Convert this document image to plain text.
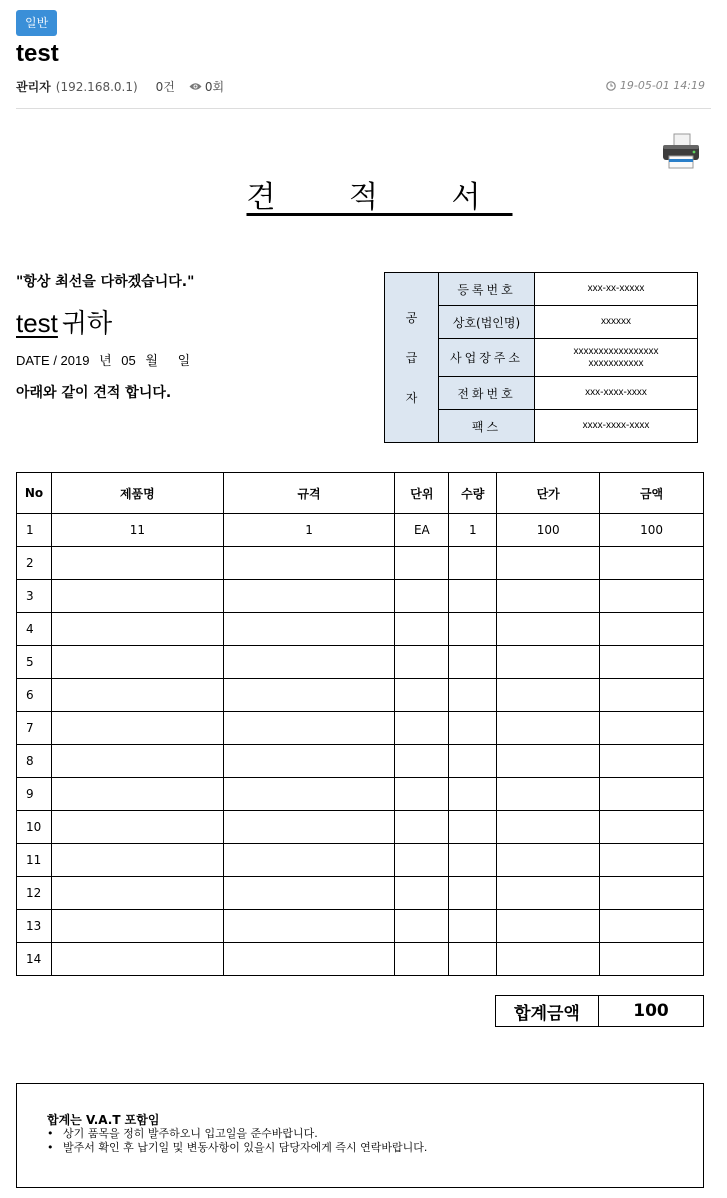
일반
test
관리자 (192.168.0.1) 0건	0회	19-05-01 14:19
견 적 서
"항상 최선을 다하겠습니다."
test 귀하
DATE / 2019 년 05 월 일
아래와 같이 견적 합니다.
공
급
자	등록번호	xxx-xx-xxxxx
	상호(법인명)	xxxxxx
	사업장주소	xxxxxxxxxxxxxxxxx xxxxxxxxxxx
	전화번호	xxx-xxxx-xxxx
	팩스	xxxx-xxxx-xxxx
No	제품명	규격	단위	수량	단가	금액
1	11	1	EA	1	100	100
2						
3						
4						
5						
6						
7						
8						
9						
10						
11						
12						
13						
14						
합계금액	100
합계는 V.A.T 포함임
• 상기 품목을 정히 발주하오니 입고일을 준수바랍니다.
• 발주서 확인 후 납기일 및 변동사항이 있을시 담당자에게 즉시 연락바랍니다.
